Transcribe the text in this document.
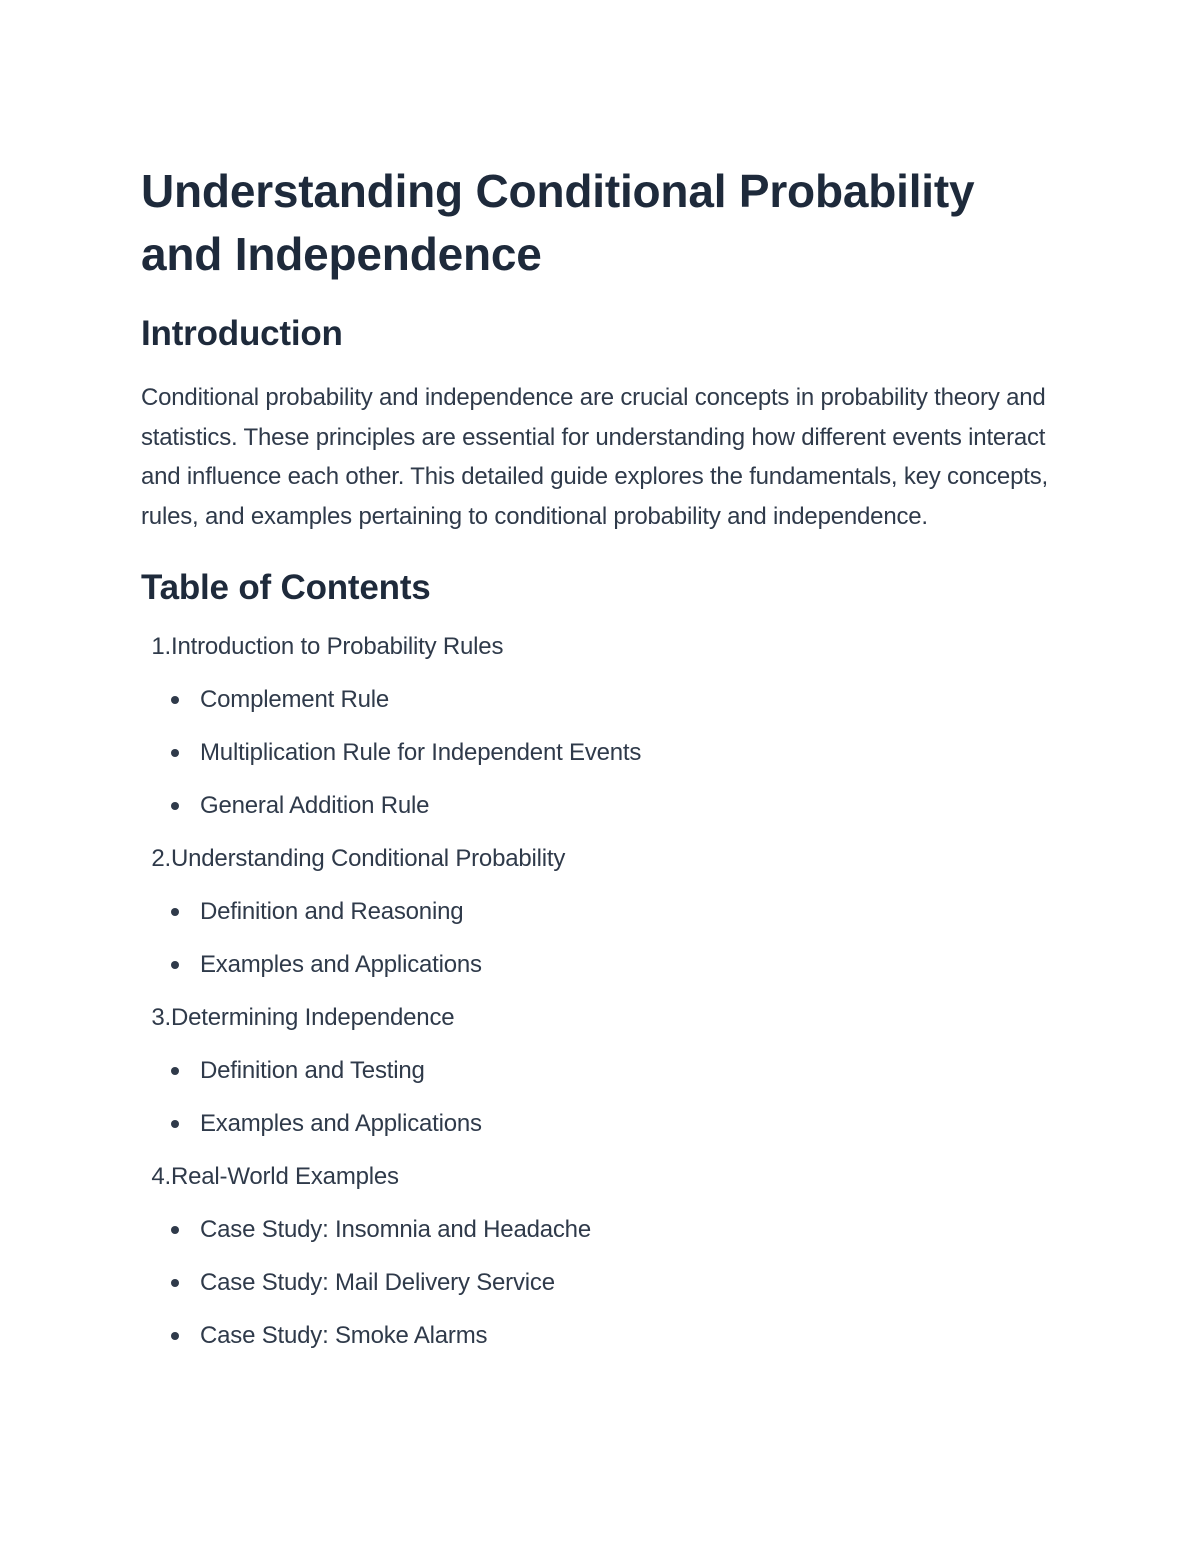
Understanding Conditional Probability and Independence
Introduction

Conditional probability and independence are crucial concepts in probability theory and statistics. These principles are essential for understanding how different events interact and influence each other. This detailed guide explores the fundamentals, key concepts, rules, and examples pertaining to conditional probability and independence.

Table of Contents
1. Introduction to Probability Rules
Complement Rule
Multiplication Rule for Independent Events
General Addition Rule
2. Understanding Conditional Probability
Definition and Reasoning
Examples and Applications
3. Determining Independence
Definition and Testing
Examples and Applications
4. Real-World Examples
Case Study: Insomnia and Headache
Case Study: Mail Delivery Service
Case Study: Smoke Alarms
